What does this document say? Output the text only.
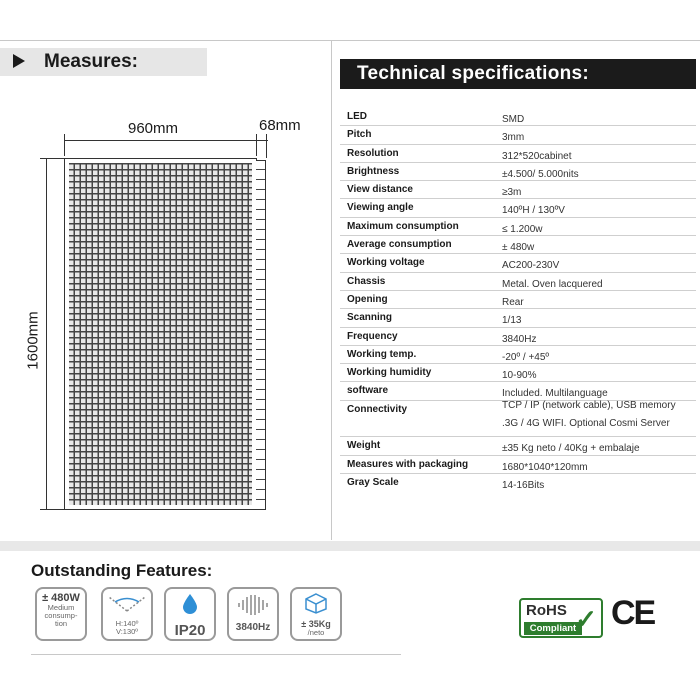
Measures:
960mm	68mm
1600mm
Technical specifications:
LED	SMD
Pitch	3mm
Resolution	312*520cabinet
Brightness	±4.500/ 5.000nits
View distance	≥3m
Viewing angle	140ºH / 130ºV
Maximum consumption	≤ 1.200w
Average consumption	± 480w
Working voltage	AC200-230V
Chassis	Metal. Oven lacquered
Opening	Rear
Scanning	1/13
Frequency	3840Hz
Working temp.	-20º / +45º
Working humidity	10-90%
software	Included. Multilanguage
Connectivity	TCP / IP (network cable), USB memory
.3G / 4G WIFI. Optional Cosmi Server
Weight	±35 Kg neto / 40Kg + embalaje
Measures with packaging	1680*1040*120mm
Gray Scale	14-16Bits
Outstanding Features:
± 480W
Medium
consump-
tion	H:140º
V:130º	IP20	3840Hz	± 35Kg
/neto
RoHS
Compliant
✓ CE
